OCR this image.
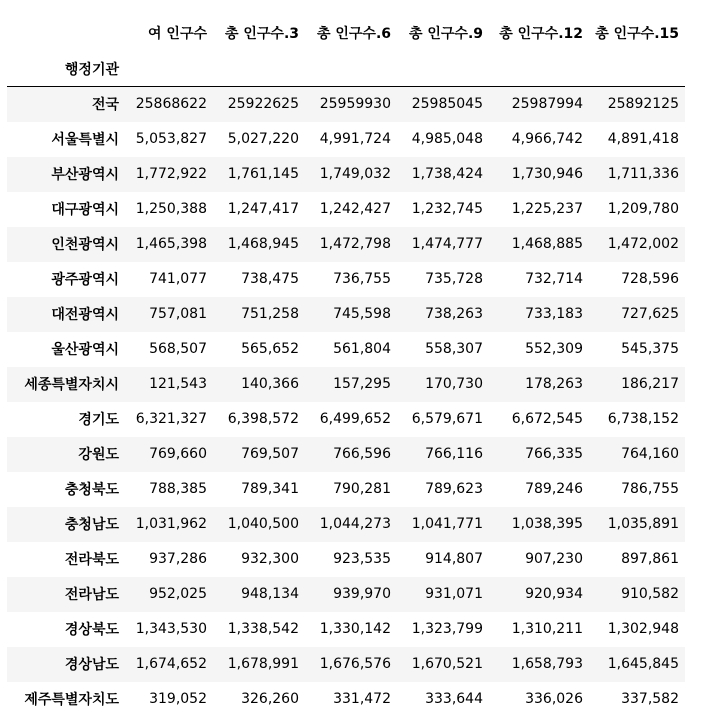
	여 인구수	총 인구수.3	총 인구수.6	총 인구수.9	총 인구수.12	총 인구수.15
행정기관						
전국	25868622	25922625	25959930	25985045	25987994	25892125
서울특별시	5,053,827	5,027,220	4,991,724	4,985,048	4,966,742	4,891,418
부산광역시	1,772,922	1,761,145	1,749,032	1,738,424	1,730,946	1,711,336
대구광역시	1,250,388	1,247,417	1,242,427	1,232,745	1,225,237	1,209,780
인천광역시	1,465,398	1,468,945	1,472,798	1,474,777	1,468,885	1,472,002
광주광역시	741,077	738,475	736,755	735,728	732,714	728,596
대전광역시	757,081	751,258	745,598	738,263	733,183	727,625
울산광역시	568,507	565,652	561,804	558,307	552,309	545,375
세종특별자치시	121,543	140,366	157,295	170,730	178,263	186,217
경기도	6,321,327	6,398,572	6,499,652	6,579,671	6,672,545	6,738,152
강원도	769,660	769,507	766,596	766,116	766,335	764,160
충청북도	788,385	789,341	790,281	789,623	789,246	786,755
충청남도	1,031,962	1,040,500	1,044,273	1,041,771	1,038,395	1,035,891
전라북도	937,286	932,300	923,535	914,807	907,230	897,861
전라남도	952,025	948,134	939,970	931,071	920,934	910,582
경상북도	1,343,530	1,338,542	1,330,142	1,323,799	1,310,211	1,302,948
경상남도	1,674,652	1,678,991	1,676,576	1,670,521	1,658,793	1,645,845
제주특별자치도	319,052	326,260	331,472	333,644	336,026	337,582
